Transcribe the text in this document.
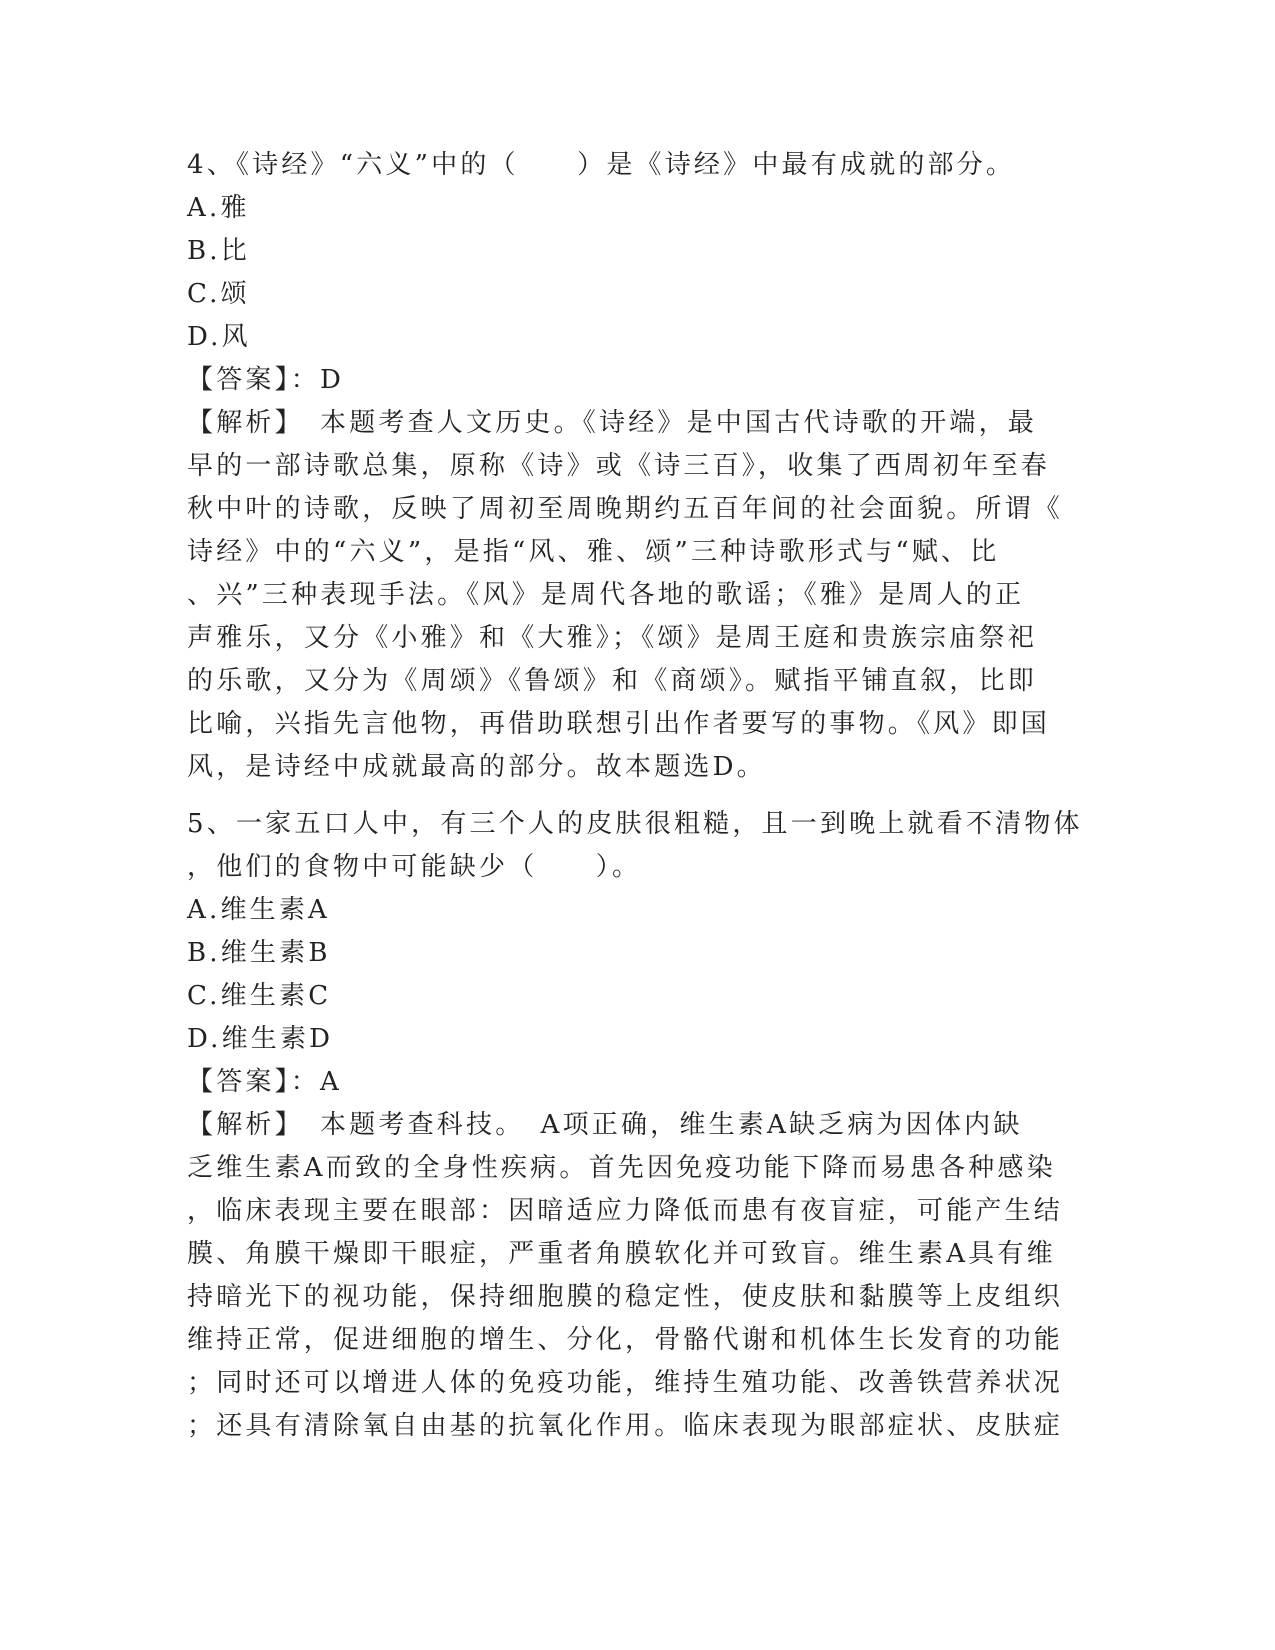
4、《诗经》“六义”中的（　　）是《诗经》中最有成就的部分。
A.雅
B.比
C.颂
D.风
【答案】：D
【解析】　本题考查人文历史。《诗经》是中国古代诗歌的开端，最
早的一部诗歌总集，原称《诗》或《诗三百》，收集了西周初年至春
秋中叶的诗歌，反映了周初至周晚期约五百年间的社会面貌。所谓《
诗经》中的“六义”，是指“风、雅、颂”三种诗歌形式与“赋、比
、兴”三种表现手法。《风》是周代各地的歌谣；《雅》是周人的正
声雅乐，又分《小雅》和《大雅》；《颂》是周王庭和贵族宗庙祭祀
的乐歌，又分为《周颂》《鲁颂》和《商颂》。赋指平铺直叙，比即
比喻，兴指先言他物，再借助联想引出作者要写的事物。《风》即国
风，是诗经中成就最高的部分。故本题选D。
5、一家五口人中，有三个人的皮肤很粗糙，且一到晚上就看不清物体
，他们的食物中可能缺少（　　）。
A.维生素A
B.维生素B
C.维生素C
D.维生素D
【答案】：A
【解析】　本题考查科技。　A项正确，维生素A缺乏病为因体内缺
乏维生素A而致的全身性疾病。首先因免疫功能下降而易患各种感染
，临床表现主要在眼部：因暗适应力降低而患有夜盲症，可能产生结
膜、角膜干燥即干眼症，严重者角膜软化并可致盲。维生素A具有维
持暗光下的视功能，保持细胞膜的稳定性，使皮肤和黏膜等上皮组织
维持正常，促进细胞的增生、分化，骨骼代谢和机体生长发育的功能
；同时还可以增进人体的免疫功能，维持生殖功能、改善铁营养状况
；还具有清除氧自由基的抗氧化作用。临床表现为眼部症状、皮肤症
